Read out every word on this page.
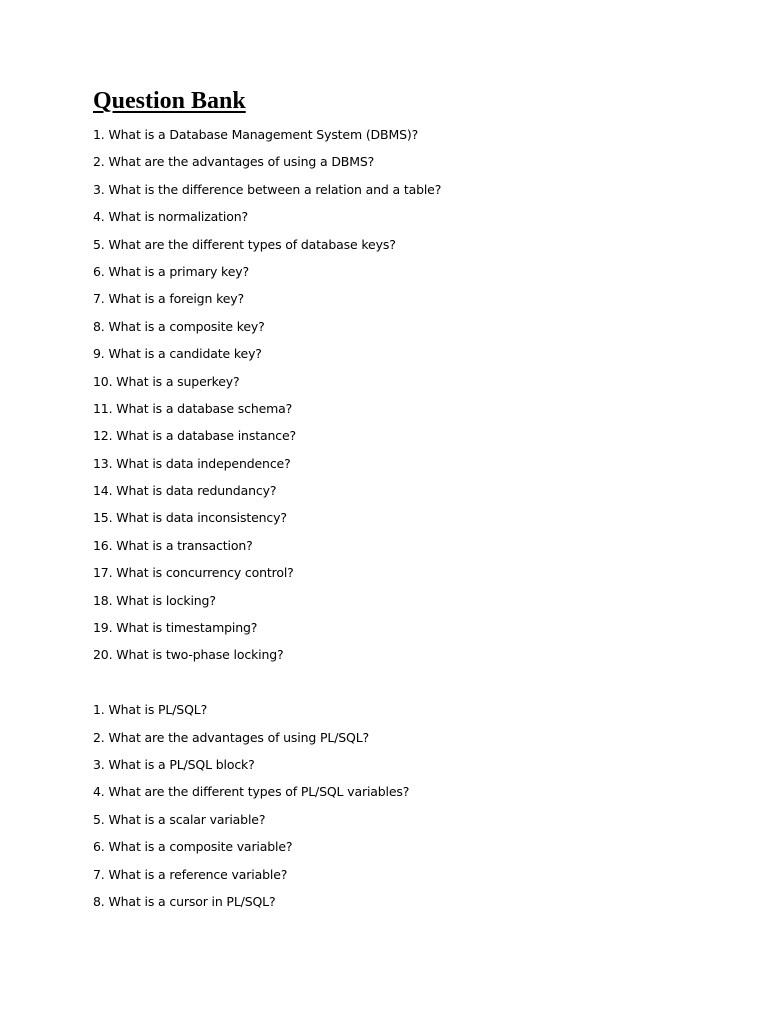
Question Bank
1. What is a Database Management System (DBMS)?
2. What are the advantages of using a DBMS?
3. What is the difference between a relation and a table?
4. What is normalization?
5. What are the different types of database keys?
6. What is a primary key?
7. What is a foreign key?
8. What is a composite key?
9. What is a candidate key?
10. What is a superkey?
11. What is a database schema?
12. What is a database instance?
13. What is data independence?
14. What is data redundancy?
15. What is data inconsistency?
16. What is a transaction?
17. What is concurrency control?
18. What is locking?
19. What is timestamping?
20. What is two-phase locking?
1. What is PL/SQL?
2. What are the advantages of using PL/SQL?
3. What is a PL/SQL block?
4. What are the different types of PL/SQL variables?
5. What is a scalar variable?
6. What is a composite variable?
7. What is a reference variable?
8. What is a cursor in PL/SQL?
